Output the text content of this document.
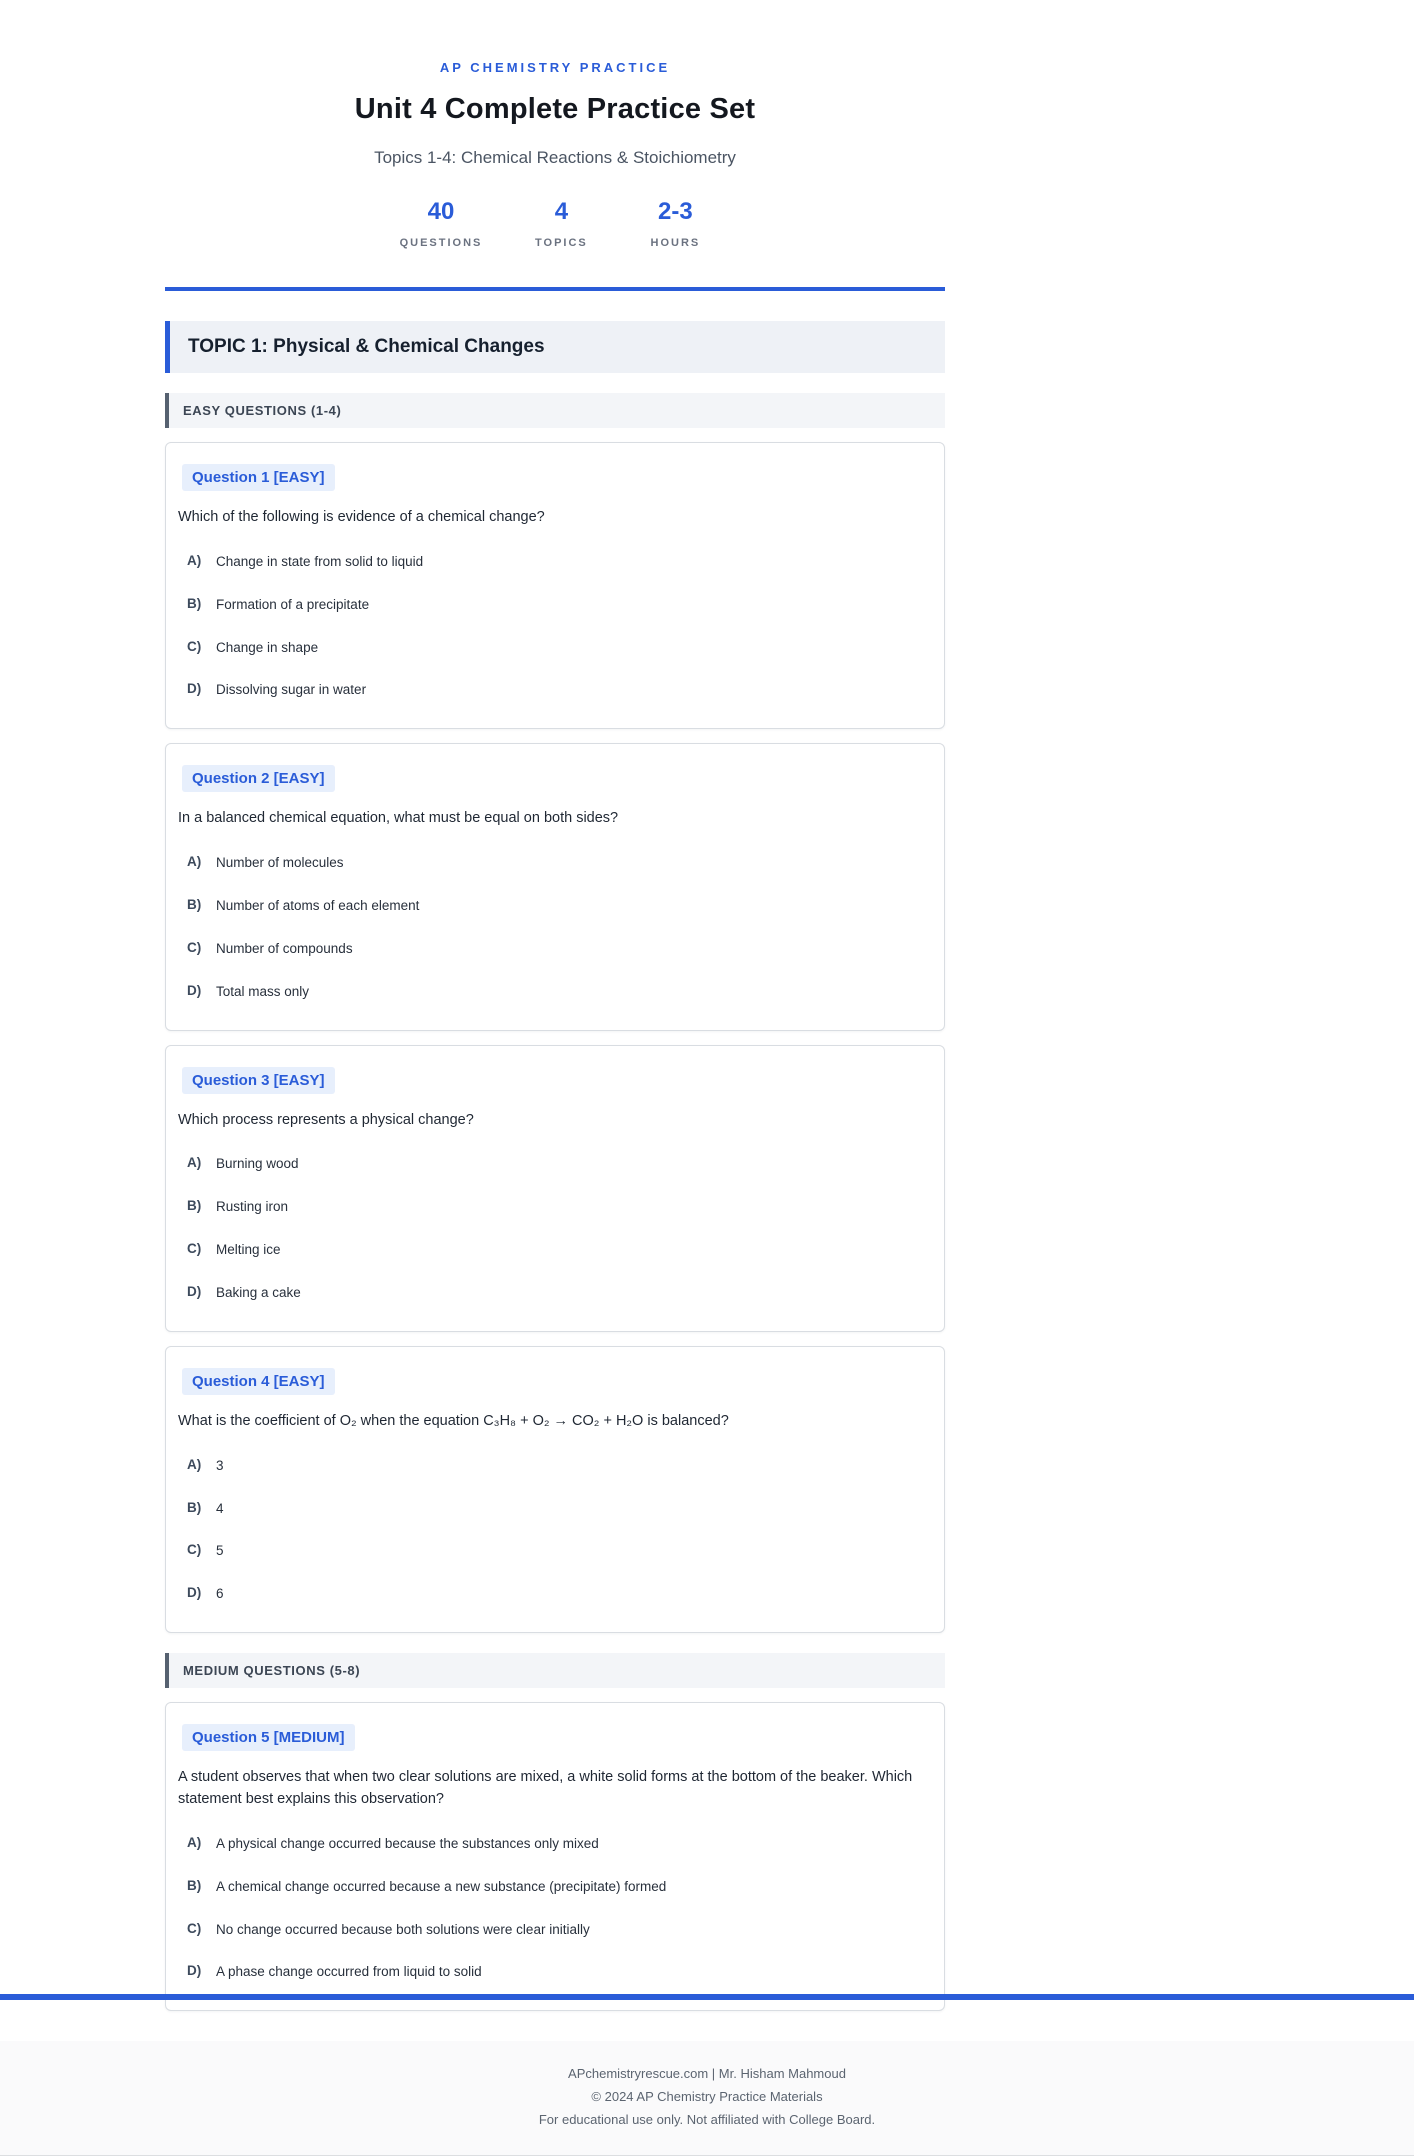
AP CHEMISTRY PRACTICE
Unit 4 Complete Practice Set
Topics 1-4: Chemical Reactions & Stoichiometry
40
QUESTIONS
4
TOPICS
2-3
HOURS
TOPIC 1: Physical & Chemical Changes
EASY QUESTIONS (1-4)
Question 1 [EASY]

Which of the following is evidence of a chemical change?

A)	Change in state from solid to liquid
B)	Formation of a precipitate
C)	Change in shape
D)	Dissolving sugar in water
Question 2 [EASY]

In a balanced chemical equation, what must be equal on both sides?

A)	Number of molecules
B)	Number of atoms of each element
C)	Number of compounds
D)	Total mass only
Question 3 [EASY]

Which process represents a physical change?

A)	Burning wood
B)	Rusting iron
C)	Melting ice
D)	Baking a cake
Question 4 [EASY]

What is the coefficient of O₂ when the equation C₃H₈ + O₂ → CO₂ + H₂O is balanced?

A)	3
B)	4
C)	5
D)	6
MEDIUM QUESTIONS (5-8)
Question 5 [MEDIUM]

A student observes that when two clear solutions are mixed, a white solid forms at the bottom of the beaker. Which statement best explains this observation?

A)	A physical change occurred because the substances only mixed
B)	A chemical change occurred because a new substance (precipitate) formed
C)	No change occurred because both solutions were clear initially
D)	A phase change occurred from liquid to solid

APchemistryrescue.com | Mr. Hisham Mahmoud

© 2024 AP Chemistry Practice Materials

For educational use only. Not affiliated with College Board.
